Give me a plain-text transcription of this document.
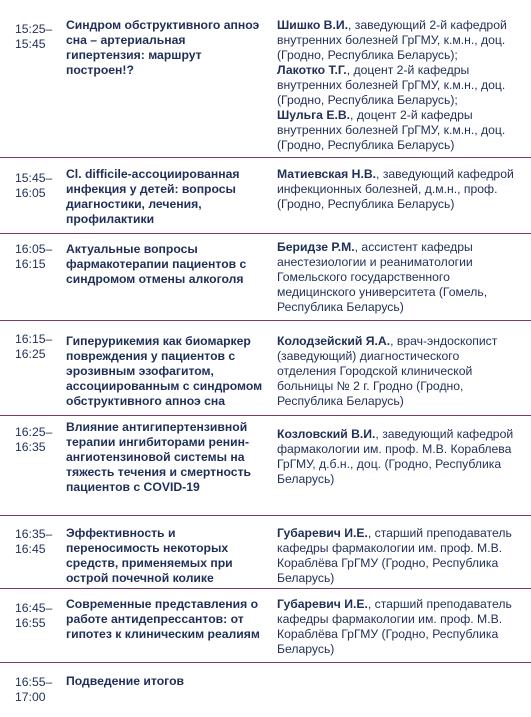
15:25–
15:45
Синдром обструктивного апноэ сна – артериальная гипертензия: маршрут построен!?
Шишко В.И., заведующий 2-й кафедрой внутренних болезней ГрГМУ, к.м.н., доц. (Гродно, Республика Беларусь);
Лакотко Т.Г., доцент 2-й кафедры внутренних болезней ГрГМУ, к.м.н., доц. (Гродно, Республика Беларусь);
Шульга Е.В., доцент 2-й кафедры внутренних болезней ГрГМУ, к.м.н., доц. (Гродно, Республика Беларусь)
15:45–
16:05
Cl. difficile-ассоциированная инфекция у детей: вопросы диагностики, лечения, профилактики
Матиевская Н.В., заведующий кафедрой инфекционных болезней, д.м.н., проф. (Гродно, Республика Беларусь)
16:05–
16:15
Актуальные вопросы фармакотерапии пациентов с синдромом отмены алкоголя
Беридзе Р.М., ассистент кафедры анестезиологии и реаниматологии Гомельского государственного медицинского университета (Гомель, Республика Беларусь)
16:15–
16:25
Гиперурикемия как биомаркер повреждения у пациентов с эрозивным эзофагитом, ассоциированным с синдромом обструктивного апноэ сна
Колодзейский Я.А., врач-эндоскопист (заведующий) диагностического отделения Городской клинической больницы № 2 г. Гродно (Гродно, Республика Беларусь)
16:25–
16:35
Влияние антигипертензивной терапии ингибиторами ренин-ангиотензиновой системы на тяжесть течения и смертность пациентов с COVID-19
Козловский В.И., заведующий кафедрой фармакологии им. проф. М.В. Кораблева ГрГМУ, д.б.н., доц. (Гродно, Республика Беларусь)
16:35–
16:45
Эффективность и переносимость некоторых средств, применяемых при острой почечной колике
Губаревич И.Е., старший преподаватель кафедры фармакологии им. проф. М.В. Кораблёва ГрГМУ (Гродно, Республика Беларусь)
16:45–
16:55
Современные представления о работе антидепрессантов: от гипотез к клиническим реалиям
Губаревич И.Е., старший преподаватель кафедры фармакологии им. проф. М.В. Кораблёва ГрГМУ (Гродно, Республика Беларусь)
16:55–
17:00
Подведение итогов
